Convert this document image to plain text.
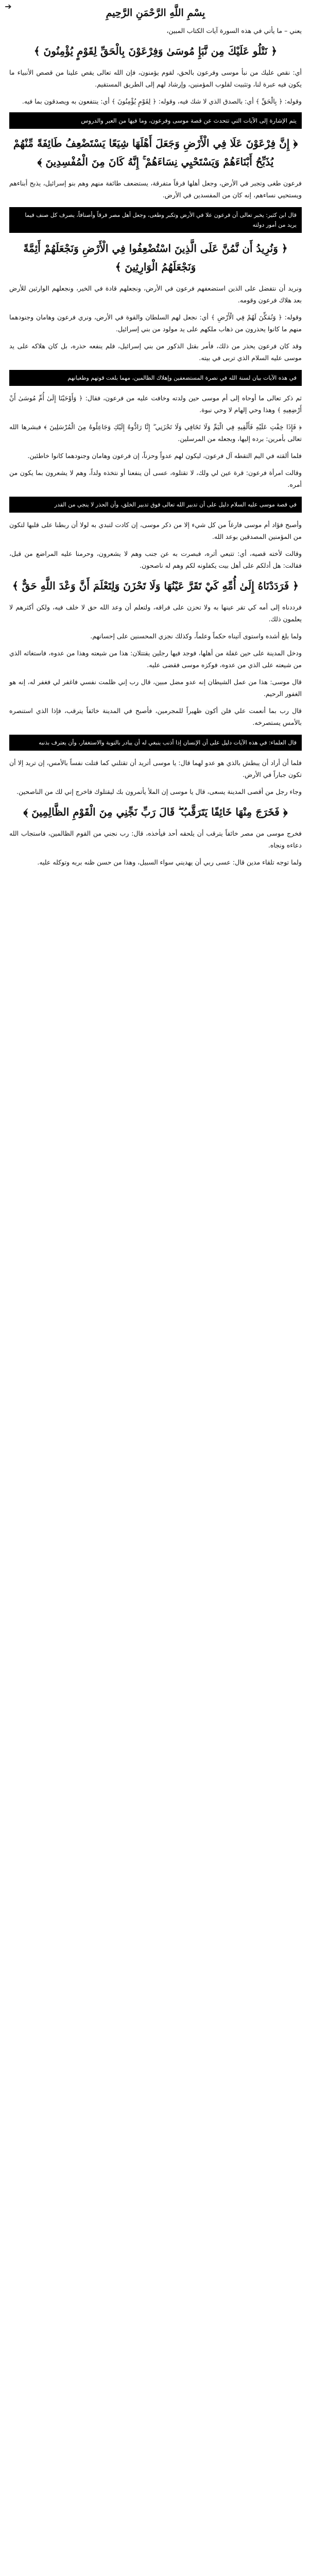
➔
بِسْمِ اللَّهِ الرَّحْمَنِ الرَّحِيمِ

يعني – ما يأتي في هذه السورة آيات الكتاب المبين،

﴿ نَتْلُو عَلَيْكَ مِن نَّبَإِ مُوسَىٰ وَفِرْعَوْنَ بِالْحَقِّ لِقَوْمٍ يُؤْمِنُونَ ﴾

أي: نقص عليك من نبأ موسى وفرعون بالحق، لقوم يؤمنون، فإن الله تعالى يقص علينا من قصص الأنبياء ما يكون فيه عبرة لنا، وتثبيت لقلوب المؤمنين، وإرشاد لهم إلى الطريق المستقيم.

وقوله: ﴿ بِالْحَقِّ ﴾ أي: بالصدق الذي لا شك فيه، وقوله: ﴿ لِقَوْمٍ يُؤْمِنُونَ ﴾ أي: ينتفعون به ويصدقون بما فيه.

يتم الإشارة إلى الآيات التي تتحدث عن قصة موسى وفرعون، وما فيها من العبر والدروس
﴿ إِنَّ فِرْعَوْنَ عَلَا فِي الْأَرْضِ وَجَعَلَ أَهْلَهَا شِيَعًا يَسْتَضْعِفُ طَائِفَةً مِّنْهُمْ يُذَبِّحُ أَبْنَاءَهُمْ وَيَسْتَحْيِي نِسَاءَهُمْ ۚ إِنَّهُ كَانَ مِنَ الْمُفْسِدِينَ ﴾

فرعون طغى وتجبر في الأرض، وجعل أهلها فرقاً متفرقة، يستضعف طائفة منهم وهم بنو إسرائيل، يذبح أبناءهم ويستحيي نساءهم، إنه كان من المفسدين في الأرض.

قال ابن كثير: يخبر تعالى أن فرعون علا في الأرض وتكبر وطغى، وجعل أهل مصر فرقاً وأصنافاً، يصرف كل صنف فيما يريد من أمور دولته
﴿ وَنُرِيدُ أَن نَّمُنَّ عَلَى الَّذِينَ اسْتُضْعِفُوا فِي الْأَرْضِ وَنَجْعَلَهُمْ أَئِمَّةً وَنَجْعَلَهُمُ الْوَارِثِينَ ﴾

ونريد أن نتفضل على الذين استضعفهم فرعون في الأرض، ونجعلهم قادة في الخير، ونجعلهم الوارثين للأرض بعد هلاك فرعون وقومه.

وقوله: ﴿ وَنُمَكِّنَ لَهُمْ فِي الْأَرْضِ ﴾ أي: نجعل لهم السلطان والقوة في الأرض، ونري فرعون وهامان وجنودهما منهم ما كانوا يحذرون من ذهاب ملكهم على يد مولود من بني إسرائيل.

وقد كان فرعون يحذر من ذلك، فأمر بقتل الذكور من بني إسرائيل، فلم ينفعه حذره، بل كان هلاكه على يد موسى عليه السلام الذي تربى في بيته.

في هذه الآيات بيان لسنة الله في نصرة المستضعفين وإهلاك الظالمين، مهما بلغت قوتهم وطغيانهم

ثم ذكر تعالى ما أوحاه إلى أم موسى حين ولدته وخافت عليه من فرعون، فقال: ﴿ وَأَوْحَيْنَا إِلَىٰ أُمِّ مُوسَىٰ أَنْ أَرْضِعِيهِ ﴾ وهذا وحي إلهام لا وحي نبوة.

﴿ فَإِذَا خِفْتِ عَلَيْهِ فَأَلْقِيهِ فِي الْيَمِّ وَلَا تَخَافِي وَلَا تَحْزَنِي ۖ إِنَّا رَادُّوهُ إِلَيْكِ وَجَاعِلُوهُ مِنَ الْمُرْسَلِينَ ﴾ فبشرها الله تعالى بأمرين: برده إليها، وبجعله من المرسلين.

فلما ألقته في اليم التقطه آل فرعون، ليكون لهم عدواً وحزناً، إن فرعون وهامان وجنودهما كانوا خاطئين.

وقالت امرأة فرعون: قرة عين لي ولك، لا تقتلوه، عسى أن ينفعنا أو نتخذه ولداً، وهم لا يشعرون بما يكون من أمره.

في قصة موسى عليه السلام دليل على أن تدبير الله تعالى فوق تدبير الخلق، وأن الحذر لا ينجي من القدر

وأصبح فؤاد أم موسى فارغاً من كل شيء إلا من ذكر موسى، إن كادت لتبدي به لولا أن ربطنا على قلبها لتكون من المؤمنين المصدقين بوعد الله.

وقالت لأخته قصيه، أي: تتبعي أثره، فبصرت به عن جنب وهم لا يشعرون، وحرمنا عليه المراضع من قبل، فقالت: هل أدلكم على أهل بيت يكفلونه لكم وهم له ناصحون.

﴿ فَرَدَدْنَاهُ إِلَىٰ أُمِّهِ كَيْ تَقَرَّ عَيْنُهَا وَلَا تَحْزَنَ وَلِتَعْلَمَ أَنَّ وَعْدَ اللَّهِ حَقٌّ ﴾

فرددناه إلى أمه كي تقر عينها به ولا تحزن على فراقه، ولتعلم أن وعد الله حق لا خلف فيه، ولكن أكثرهم لا يعلمون ذلك.

ولما بلغ أشده واستوى آتيناه حكماً وعلماً، وكذلك نجزي المحسنين على إحسانهم.

ودخل المدينة على حين غفلة من أهلها، فوجد فيها رجلين يقتتلان: هذا من شيعته وهذا من عدوه، فاستغاثه الذي من شيعته على الذي من عدوه، فوكزه موسى فقضى عليه.

قال موسى: هذا من عمل الشيطان إنه عدو مضل مبين، قال رب إني ظلمت نفسي فاغفر لي فغفر له، إنه هو الغفور الرحيم.

قال رب بما أنعمت علي فلن أكون ظهيراً للمجرمين، فأصبح في المدينة خائفاً يترقب، فإذا الذي استنصره بالأمس يستصرخه.

قال العلماء: في هذه الآيات دليل على أن الإنسان إذا أذنب ينبغي له أن يبادر بالتوبة والاستغفار، وأن يعترف بذنبه

فلما أن أراد أن يبطش بالذي هو عدو لهما قال: يا موسى أتريد أن تقتلني كما قتلت نفساً بالأمس، إن تريد إلا أن تكون جباراً في الأرض.

وجاء رجل من أقصى المدينة يسعى، قال يا موسى إن الملأ يأتمرون بك ليقتلوك فاخرج إني لك من الناصحين.

﴿ فَخَرَجَ مِنْهَا خَائِفًا يَتَرَقَّبُ ۖ قَالَ رَبِّ نَجِّنِي مِنَ الْقَوْمِ الظَّالِمِينَ ﴾

فخرج موسى من مصر خائفاً يترقب أن يلحقه أحد فيأخذه، قال: رب نجني من القوم الظالمين، فاستجاب الله دعاءه ونجاه.

ولما توجه تلقاء مدين قال: عسى ربي أن يهديني سواء السبيل، وهذا من حسن ظنه بربه وتوكله عليه.
